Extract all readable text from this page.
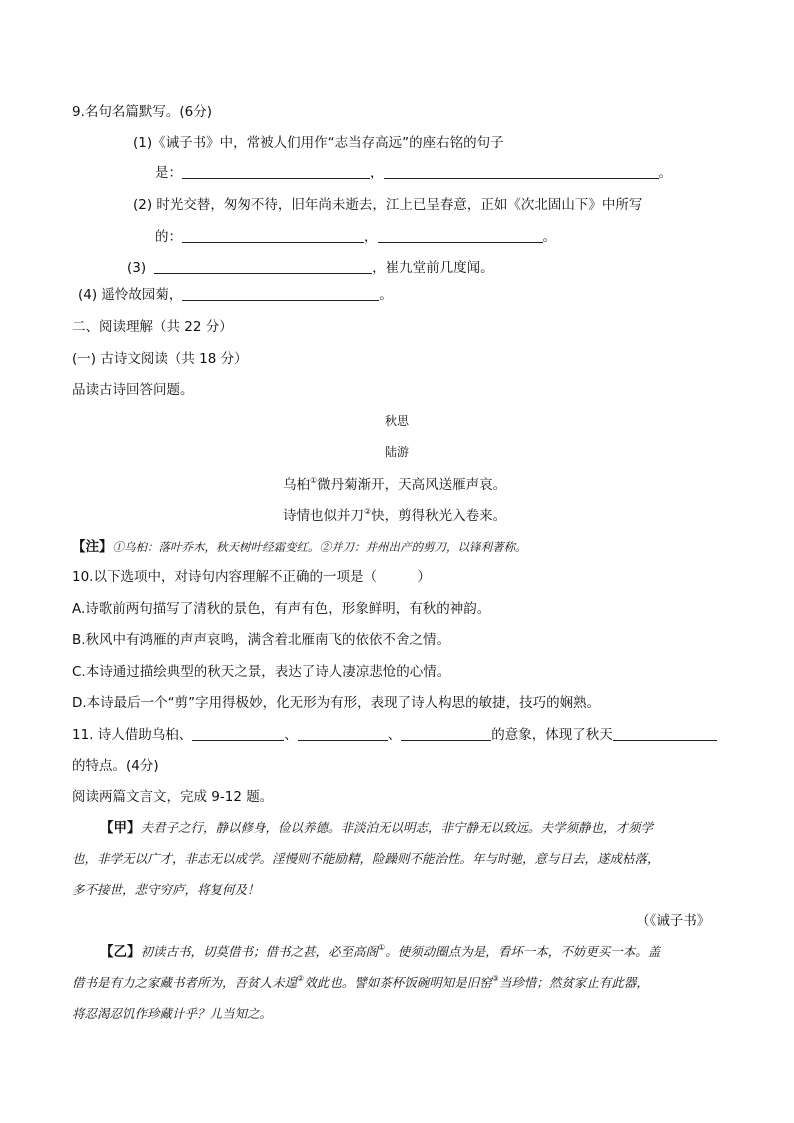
9.名句名篇默写。(6分)
(1)《诫子书》中，常被人们用作“志当存高远”的座右铭的句子
是：	，	。
(2) 时光交替，匆匆不待，旧年尚未逝去，江上已呈春意，正如《次北固山下》中所写
的：	，	。
(3)	，崔九堂前几度闻。
(4) 遥怜故园菊，	。
二、阅读理解（共 22 分）
(一) 古诗文阅读（共 18 分）
品读古诗回答问题。
秋思
陆游
乌桕①微丹菊渐开，天高风送雁声哀。
诗情也似并刀②快，剪得秋光入卷来。
【注】①乌桕：落叶乔木，秋天树叶经霜变红。②并刀：并州出产的剪刀，以锋利著称。
10.以下选项中，对诗句内容理解不正确的一项是（　　　）
A.诗歌前两句描写了清秋的景色，有声有色，形象鲜明，有秋的神韵。
B.秋风中有鸿雁的声声哀鸣，满含着北雁南飞的依依不舍之情。
C.本诗通过描绘典型的秋天之景，表达了诗人凄凉悲怆的心情。
D.本诗最后一个“剪”字用得极妙，化无形为有形，表现了诗人构思的敏捷，技巧的娴熟。
11. 诗人借助乌桕、	、	、	的意象，体现了秋天
的特点。(4分)
阅读两篇文言文，完成 9-12 题。
【甲】夫君子之行，静以修身，俭以养德。非淡泊无以明志，非宁静无以致远。夫学须静也，才须学
也，非学无以广才，非志无以成学。淫慢则不能励精，险躁则不能治性。年与时驰，意与日去，遂成枯落，
多不接世，悲守穷庐，将复何及！
（《诫子书》
【乙】初读古书，切莫借书；借书之甚，必至高阁①。使须动圈点为是，看坏一本，不妨更买一本。盖
借书是有力之家藏书者所为，吾贫人未遑②效此也。譬如茶杯饭碗明知是旧窑③当珍惜；然贫家止有此器，
将忍渴忍饥作珍藏计乎？儿当知之。
